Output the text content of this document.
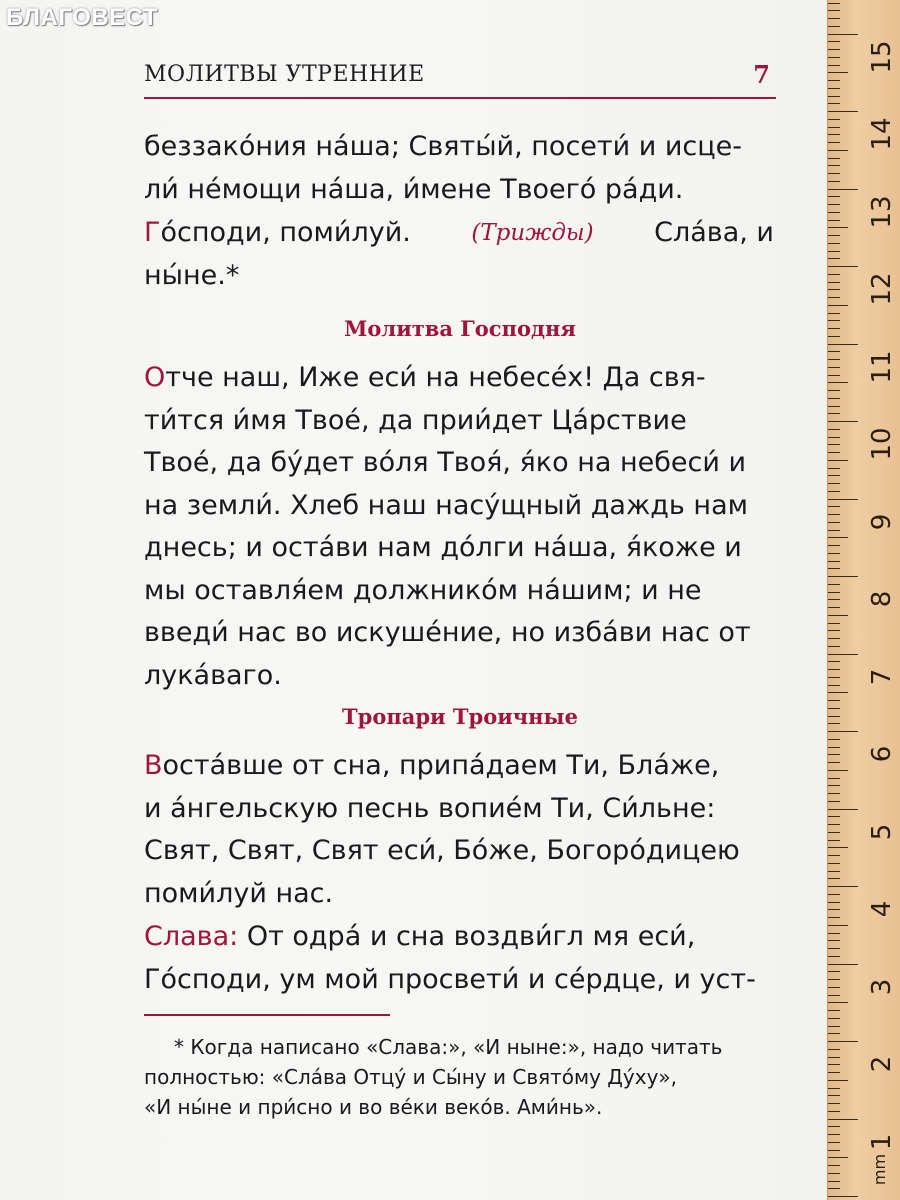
БЛАГОВЕСТ
МОЛИТВЫ УТРЕННИЕ	7
беззако́ния на́ша; Святы́й, посети́ и исце-
ли́ не́мощи на́ша, и́мене Твоего́ ра́ди.
Го́споди, поми́луй.	(Трижды) Сла́ва, и
ны́не.*
Молитва Господня
Отче наш, Иже еси́ на небесе́х! Да свя-
ти́тся и́мя Твое́, да прии́дет Ца́рствие
Твое́, да бу́дет во́ля Твоя́, я́ко на небеси́ и
на земли́. Хлеб наш насу́щный даждь нам
днесь; и оста́ви нам до́лги на́ша, я́коже и
мы оставля́ем должнико́м на́шим; и не
введи́ нас во искуше́ние, но изба́ви нас от
лука́ваго.
Тропари Троичные
Воста́вше от сна, припа́даем Ти, Бла́же,
и а́нгельскую песнь вопие́м Ти, Си́льне:
Свят, Свят, Свят еси́, Бо́же, Богоро́дицею
поми́луй нас.
Слава: От одра́ и сна воздви́гл мя еси́,
Го́споди, ум мой просвети́ и се́рдце, и уст-
* Когда написано «Слава:», «И ныне:», надо читать
полностью: «Сла́ва Отцу́ и Сы́ну и Свято́му Ду́ху»,
«И ны́не и при́сно и во ве́ки веко́в. Ами́нь».
mm
1
2
3
4
5
6
7
8
9
10
11
12
13
14
15
